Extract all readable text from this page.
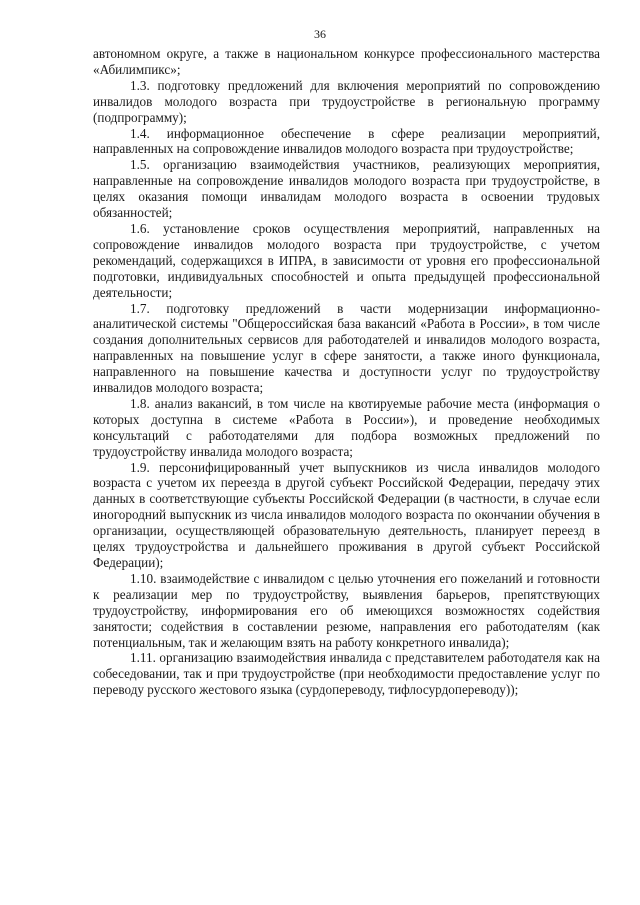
36

автономном округе, а также в национальном конкурсе профессионального мастерства «Абилимпикс»;

1.3. подготовку предложений для включения мероприятий по сопровождению инвалидов молодого возраста при трудоустройстве в региональную программу (подпрограмму);

1.4. информационное обеспечение в сфере реализации мероприятий, направленных на сопровождение инвалидов молодого возраста при трудоустройстве;

1.5. организацию взаимодействия участников, реализующих мероприятия, направленные на сопровождение инвалидов молодого возраста при трудоустройстве, в целях оказания помощи инвалидам молодого возраста в освоении трудовых обязанностей;

1.6. установление сроков осуществления мероприятий, направленных на сопровождение инвалидов молодого возраста при трудоустройстве, с учетом рекомендаций, содержащихся в ИПРА, в зависимости от уровня его профессиональной подготовки, индивидуальных способностей и опыта предыдущей профессиональной деятельности;

1.7. подготовку предложений в части модернизации информационно-аналитической системы "Общероссийская база вакансий «Работа в России», в том числе создания дополнительных сервисов для работодателей и инвалидов молодого возраста, направленных на повышение услуг в сфере занятости, а также иного функционала, направленного на повышение качества и доступности услуг по трудоустройству инвалидов молодого возраста;

1.8. анализ вакансий, в том числе на квотируемые рабочие места (информация о которых доступна в системе «Работа в России»), и проведение необходимых консультаций с работодателями для подбора возможных предложений по трудоустройству инвалида молодого возраста;

1.9. персонифицированный учет выпускников из числа инвалидов молодого возраста с учетом их переезда в другой субъект Российской Федерации, передачу этих данных в соответствующие субъекты Российской Федерации (в частности, в случае если иногородний выпускник из числа инвалидов молодого возраста по окончании обучения в организации, осуществляющей образовательную деятельность, планирует переезд в целях трудоустройства и дальнейшего проживания в другой субъект Российской Федерации);

1.10. взаимодействие с инвалидом с целью уточнения его пожеланий и готовности к реализации мер по трудоустройству, выявления барьеров, препятствующих трудоустройству, информирования его об имеющихся возможностях содействия занятости; содействия в составлении резюме, направления его работодателям (как потенциальным, так и желающим взять на работу конкретного инвалида);

1.11. организацию взаимодействия инвалида с представителем работодателя как на собеседовании, так и при трудоустройстве (при необходимости предоставление услуг по переводу русского жестового языка (сурдопереводу, тифлосурдопереводу));
